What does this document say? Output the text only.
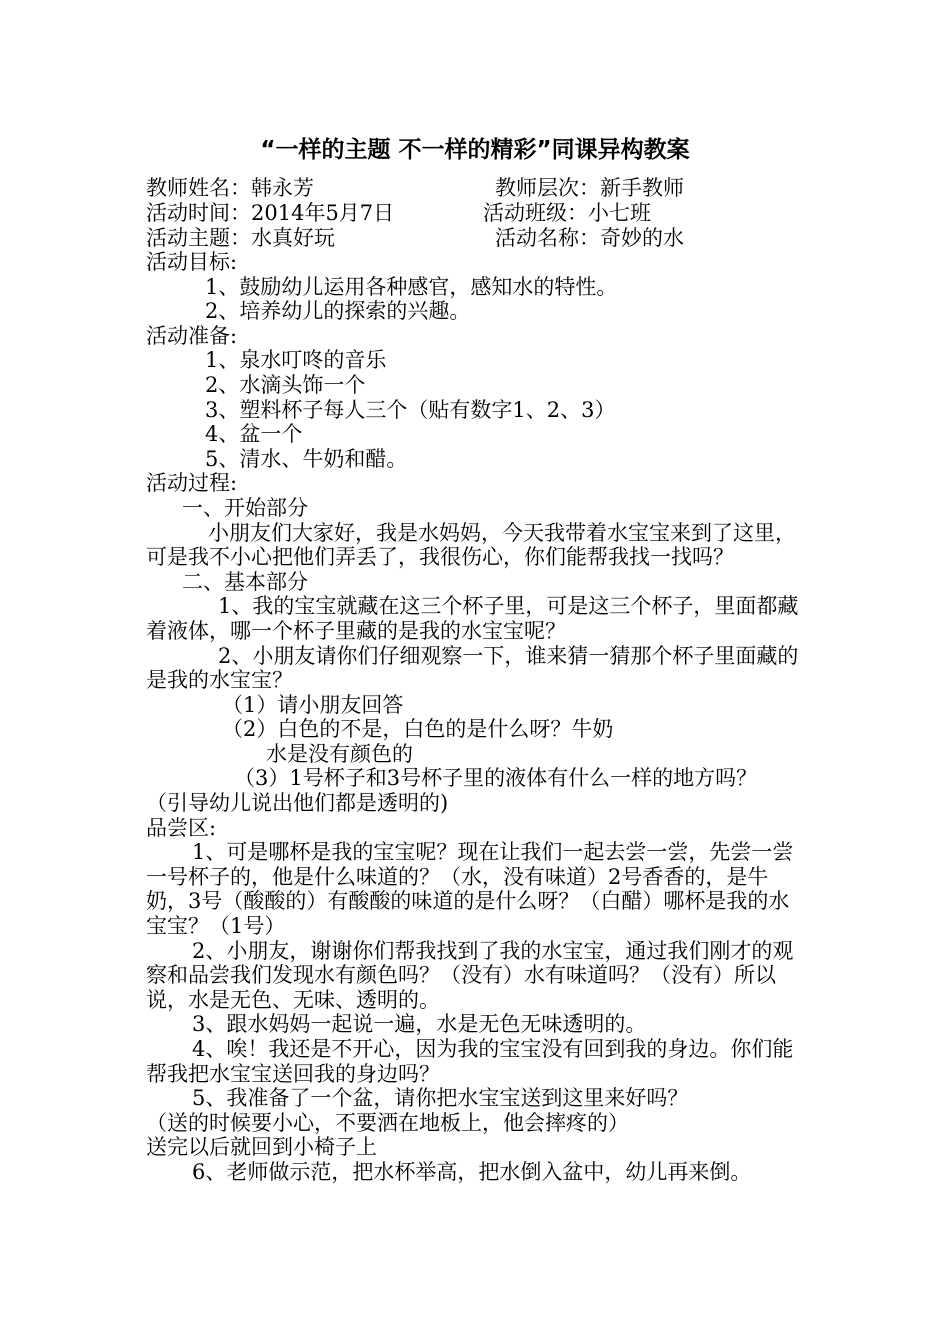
“一样的主题 不一样的精彩”同课异构教案
教师姓名：韩永芳	教师层次：新手教师
活动时间：2014年5月7日	活动班级：小七班
活动主题：水真好玩	活动名称：奇妙的水

活动目标:

1、鼓励幼儿运用各种感官，感知水的特性。

2、培养幼儿的探索的兴趣。

活动准备:

1、泉水叮咚的音乐

2、水滴头饰一个

3、塑料杯子每人三个（贴有数字1、2、3）

4、盆一个

5、清水、牛奶和醋。

活动过程:

一、开始部分

小朋友们大家好，我是水妈妈，今天我带着水宝宝来到了这里，可是我不小心把他们弄丢了，我很伤心，你们能帮我找一找吗？

二、基本部分

1、我的宝宝就藏在这三个杯子里，可是这三个杯子，里面都藏着液体，哪一个杯子里藏的是我的水宝宝呢？

2、小朋友请你们仔细观察一下，谁来猜一猜那个杯子里面藏的是我的水宝宝？

（1）请小朋友回答

（2）白色的不是，白色的是什么呀？牛奶

水是没有颜色的

（3）1号杯子和3号杯子里的液体有什么一样的地方吗？

（引导幼儿说出他们都是透明的)

品尝区:

1、可是哪杯是我的宝宝呢？现在让我们一起去尝一尝，先尝一尝一号杯子的，他是什么味道的？（水，没有味道）2号香香的，是牛奶，3号（酸酸的）有酸酸的味道的是什么呀？（白醋）哪杯是我的水宝宝？（1号）

2、小朋友，谢谢你们帮我找到了我的水宝宝，通过我们刚才的观察和品尝我们发现水有颜色吗？（没有）水有味道吗？（没有）所以说，水是无色、无味、透明的。

3、跟水妈妈一起说一遍，水是无色无味透明的。

4、唉！我还是不开心，因为我的宝宝没有回到我的身边。你们能帮我把水宝宝送回我的身边吗？

5、我准备了一个盆，请你把水宝宝送到这里来好吗？

（送的时候要小心，不要洒在地板上，他会摔疼的）

送完以后就回到小椅子上

6、老师做示范，把水杯举高，把水倒入盆中，幼儿再来倒。
